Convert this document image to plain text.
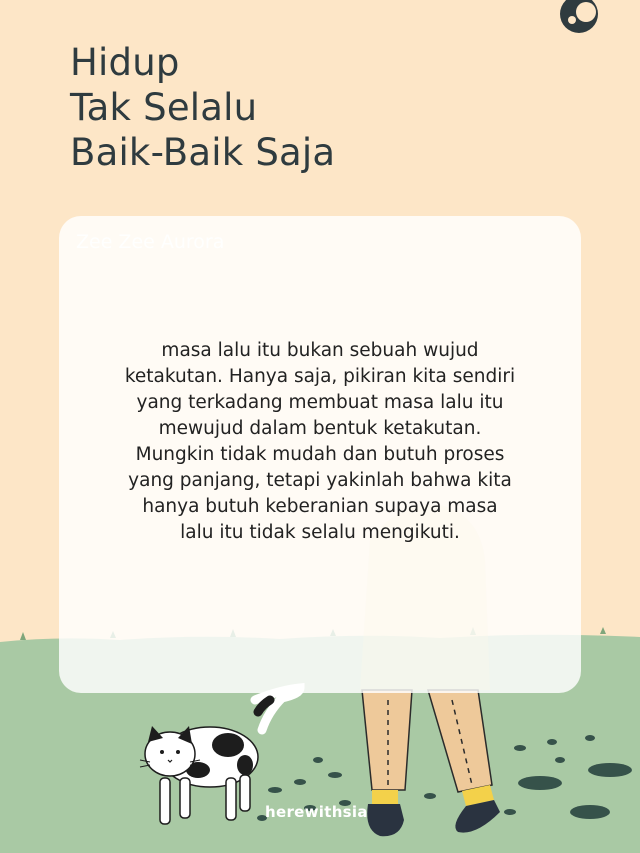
Hidup
Tak Selalu
Baik-Baik Saja
Zee Zee Aurora

masa lalu itu bukan sebuah wujud
ketakutan. Hanya saja, pikiran kita sendiri
yang terkadang membuat masa lalu itu
mewujud dalam bentuk ketakutan.
Mungkin tidak mudah dan butuh proses
yang panjang, tetapi yakinlah bahwa kita
hanya butuh keberanian supaya masa
lalu itu tidak selalu mengikuti.

herewithsia
